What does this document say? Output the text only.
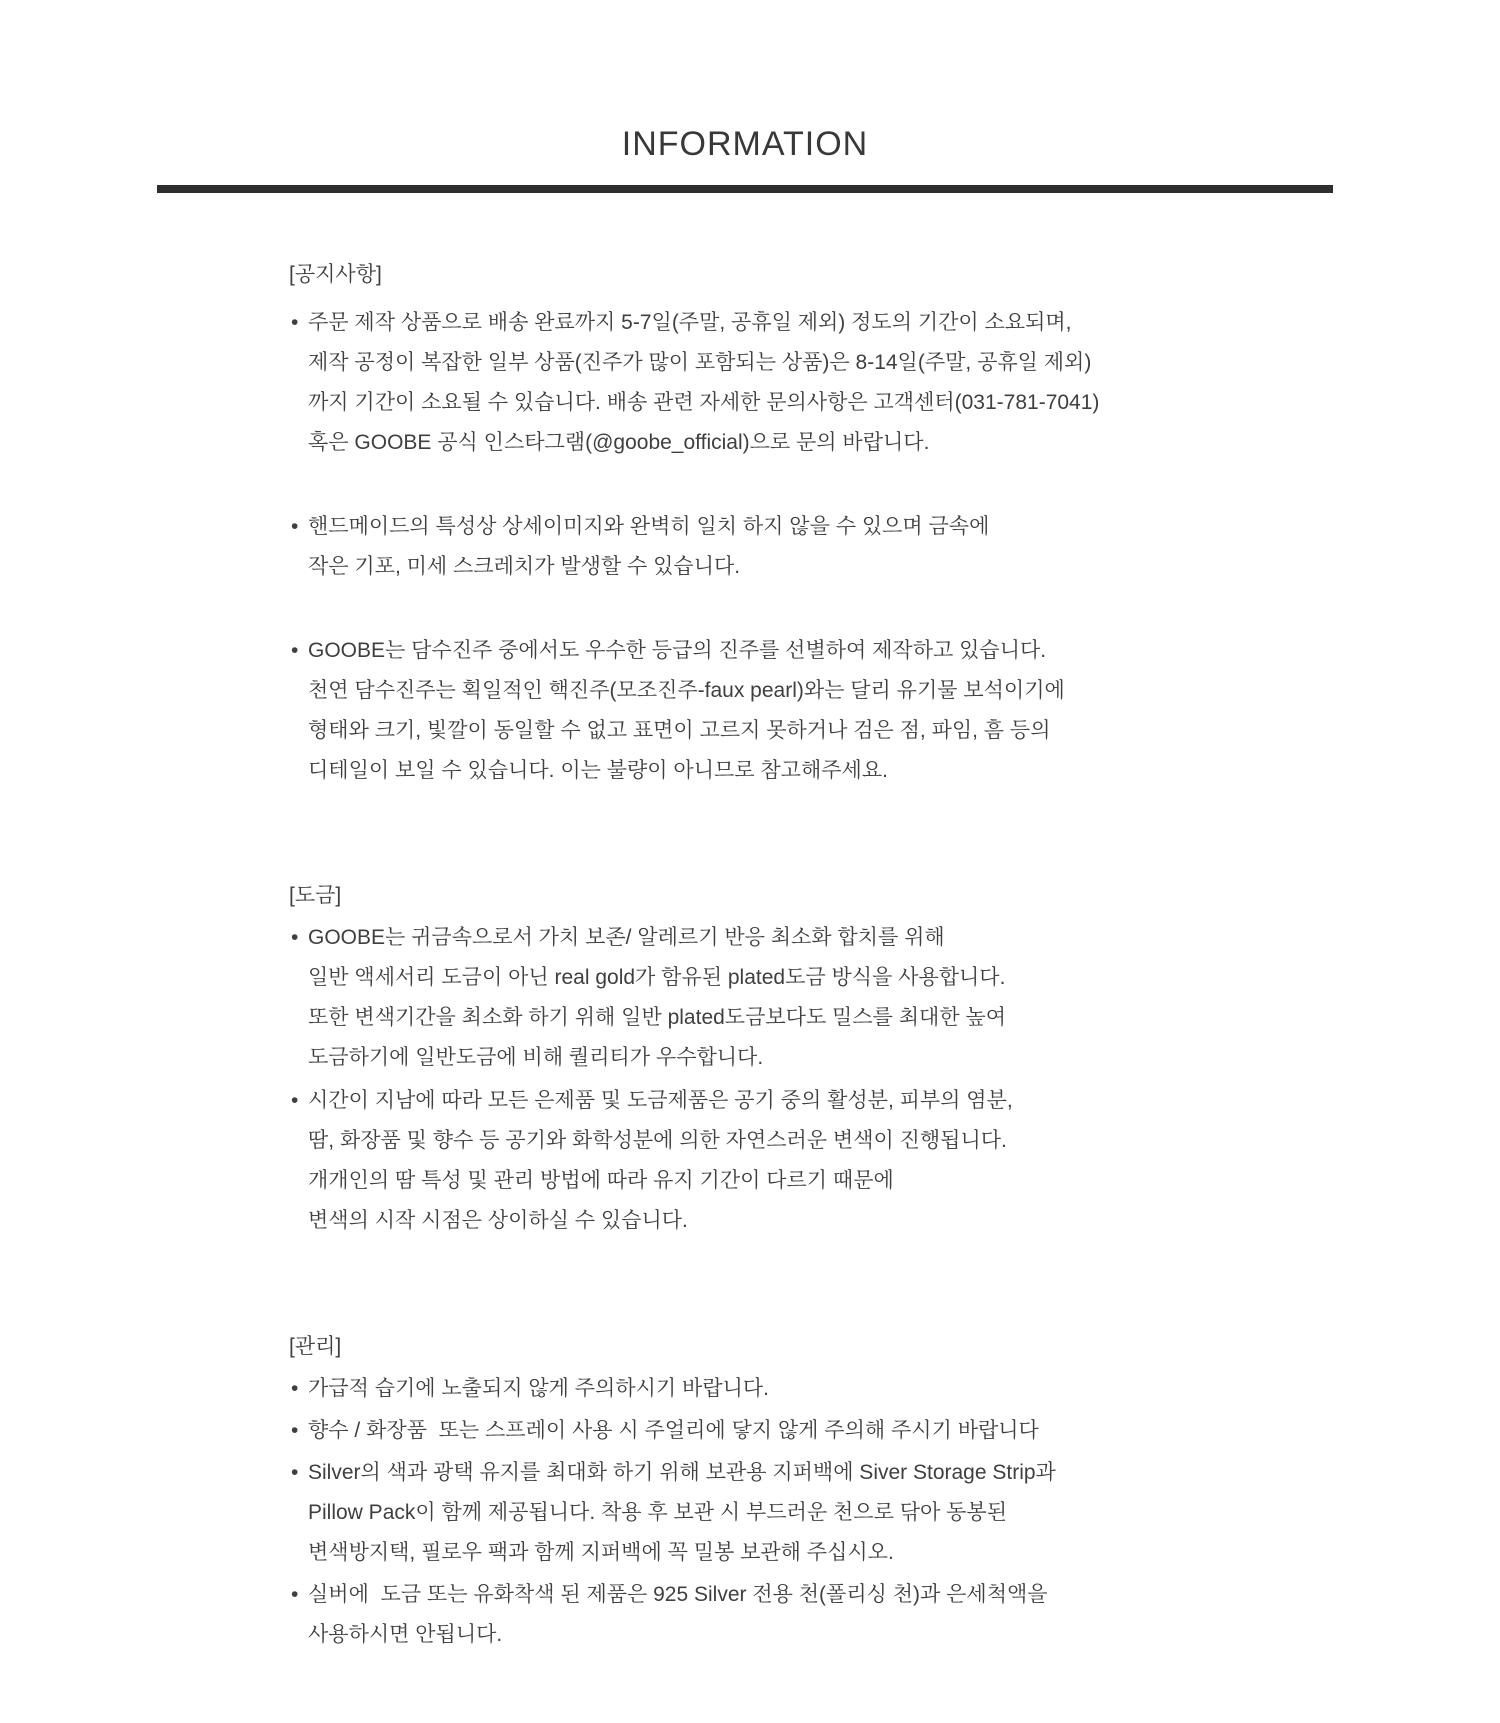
INFORMATION
[공지사항]
• 주문 제작 상품으로 배송 완료까지 5-7일(주말, 공휴일 제외) 정도의 기간이 소요되며,
제작 공정이 복잡한 일부 상품(진주가 많이 포함되는 상품)은 8-14일(주말, 공휴일 제외)
까지 기간이 소요될 수 있습니다. 배송 관련 자세한 문의사항은 고객센터(031-781-7041)
혹은 GOOBE 공식 인스타그램(@goobe_official)으로 문의 바랍니다.
• 핸드메이드의 특성상 상세이미지와 완벽히 일치 하지 않을 수 있으며 금속에
작은 기포, 미세 스크레치가 발생할 수 있습니다.
• GOOBE는 담수진주 중에서도 우수한 등급의 진주를 선별하여 제작하고 있습니다.
천연 담수진주는 획일적인 핵진주(모조진주-faux pearl)와는 달리 유기물 보석이기에
형태와 크기, 빛깔이 동일할 수 없고 표면이 고르지 못하거나 검은 점, 파임, 흠 등의
디테일이 보일 수 있습니다. 이는 불량이 아니므로 참고해주세요.
[도금]
• GOOBE는 귀금속으로서 가치 보존/ 알레르기 반응 최소화 합치를 위해
일반 액세서리 도금이 아닌 real gold가 함유된 plated도금 방식을 사용합니다.
또한 변색기간을 최소화 하기 위해 일반 plated도금보다도 밀스를 최대한 높여
도금하기에 일반도금에 비해 퀄리티가 우수합니다.
• 시간이 지남에 따라 모든 은제품 및 도금제품은 공기 중의 활성분, 피부의 염분,
땀, 화장품 및 향수 등 공기와 화학성분에 의한 자연스러운 변색이 진행됩니다.
개개인의 땀 특성 및 관리 방법에 따라 유지 기간이 다르기 때문에
변색의 시작 시점은 상이하실 수 있습니다.
[관리]
• 가급적 습기에 노출되지 않게 주의하시기 바랍니다.
• 향수 / 화장품  또는 스프레이 사용 시 주얼리에 닿지 않게 주의해 주시기 바랍니다
• Silver의 색과 광택 유지를 최대화 하기 위해 보관용 지퍼백에 Siver Storage Strip과
Pillow Pack이 함께 제공됩니다. 착용 후 보관 시 부드러운 천으로 닦아 동봉된
변색방지택, 필로우 팩과 함께 지퍼백에 꼭 밀봉 보관해 주십시오.
• 실버에  도금 또는 유화착색 된 제품은 925 Silver 전용 천(폴리싱 천)과 은세척액을
사용하시면 안됩니다.
